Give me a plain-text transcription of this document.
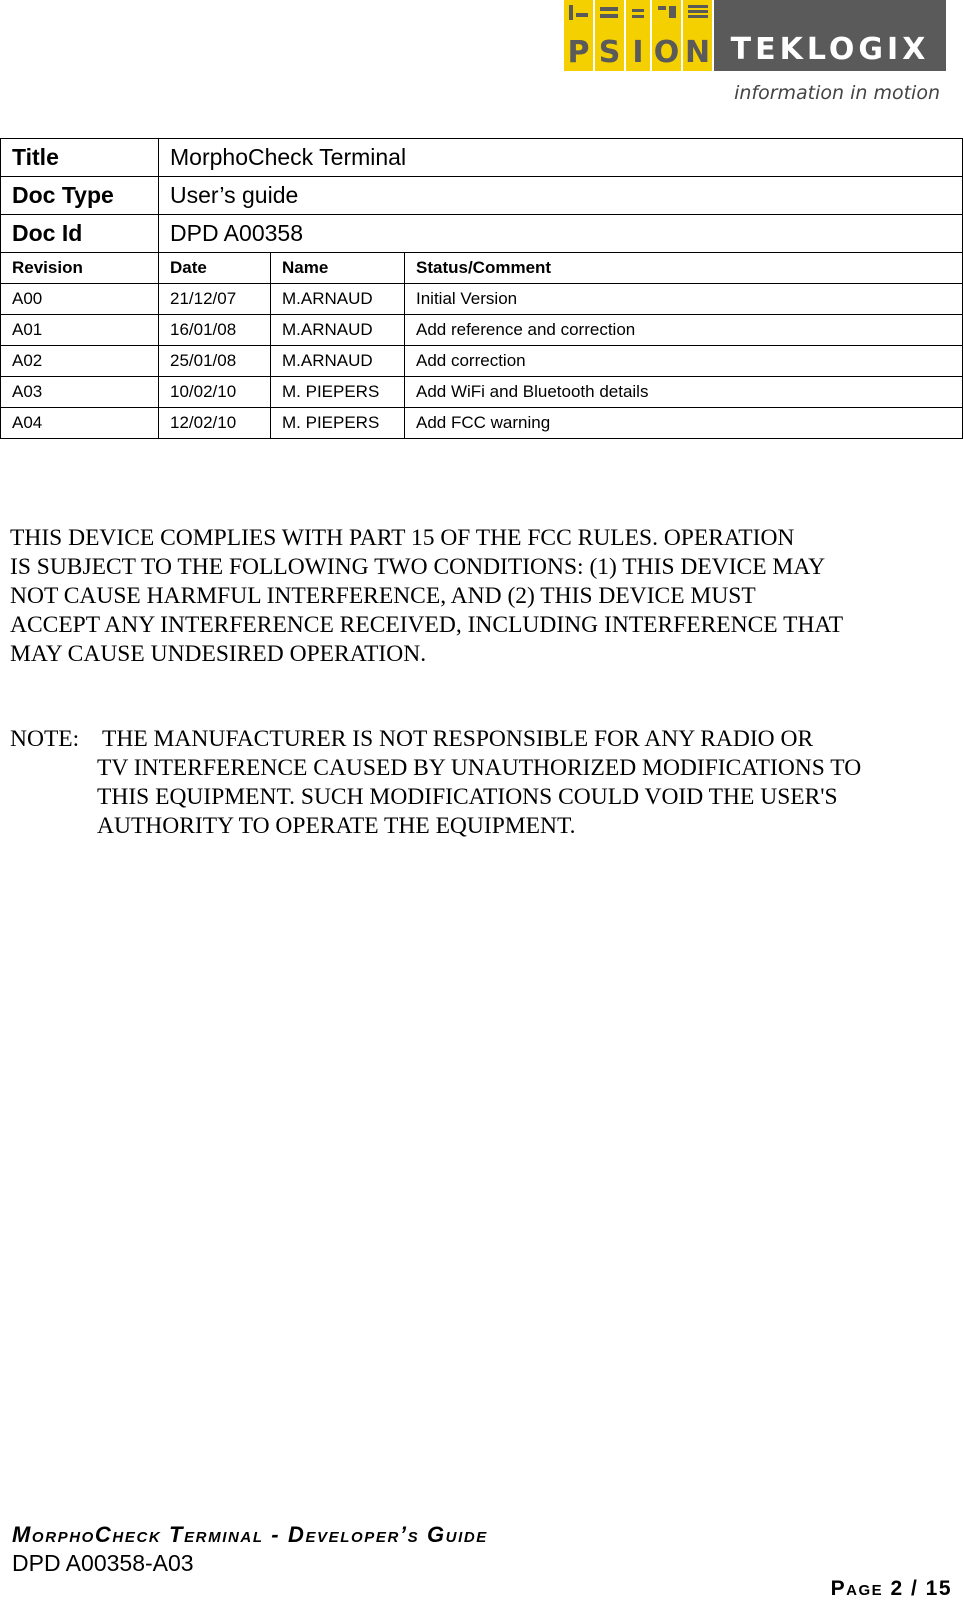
P S I O N TEKLOGIX
information in motion
Title	MorphoCheck Terminal		
Doc Type	User’s guide		
Doc Id	DPD A00358		
Revision	Date	Name	Status/Comment
A00	21/12/07	M.ARNAUD	Initial Version
A01	16/01/08	M.ARNAUD	Add reference and correction
A02	25/01/08	M.ARNAUD	Add correction
A03	10/02/10	M. PIEPERS	Add WiFi and Bluetooth details
A04	12/02/10	M. PIEPERS	Add FCC warning
THIS DEVICE COMPLIES WITH PART 15 OF THE FCC RULES. OPERATION
IS SUBJECT TO THE FOLLOWING TWO CONDITIONS: (1) THIS DEVICE MAY
NOT CAUSE HARMFUL INTERFERENCE, AND (2) THIS DEVICE MUST
ACCEPT ANY INTERFERENCE RECEIVED, INCLUDING INTERFERENCE THAT
MAY CAUSE UNDESIRED OPERATION.
NOTE: THE MANUFACTURER IS NOT RESPONSIBLE FOR ANY RADIO OR
TV INTERFERENCE CAUSED BY UNAUTHORIZED MODIFICATIONS TO
THIS EQUIPMENT. SUCH MODIFICATIONS COULD VOID THE USER'S
AUTHORITY TO OPERATE THE EQUIPMENT.
MorphoCheck Terminal - Developer’s Guide
DPD A00358-A03
Page 2 / 15
